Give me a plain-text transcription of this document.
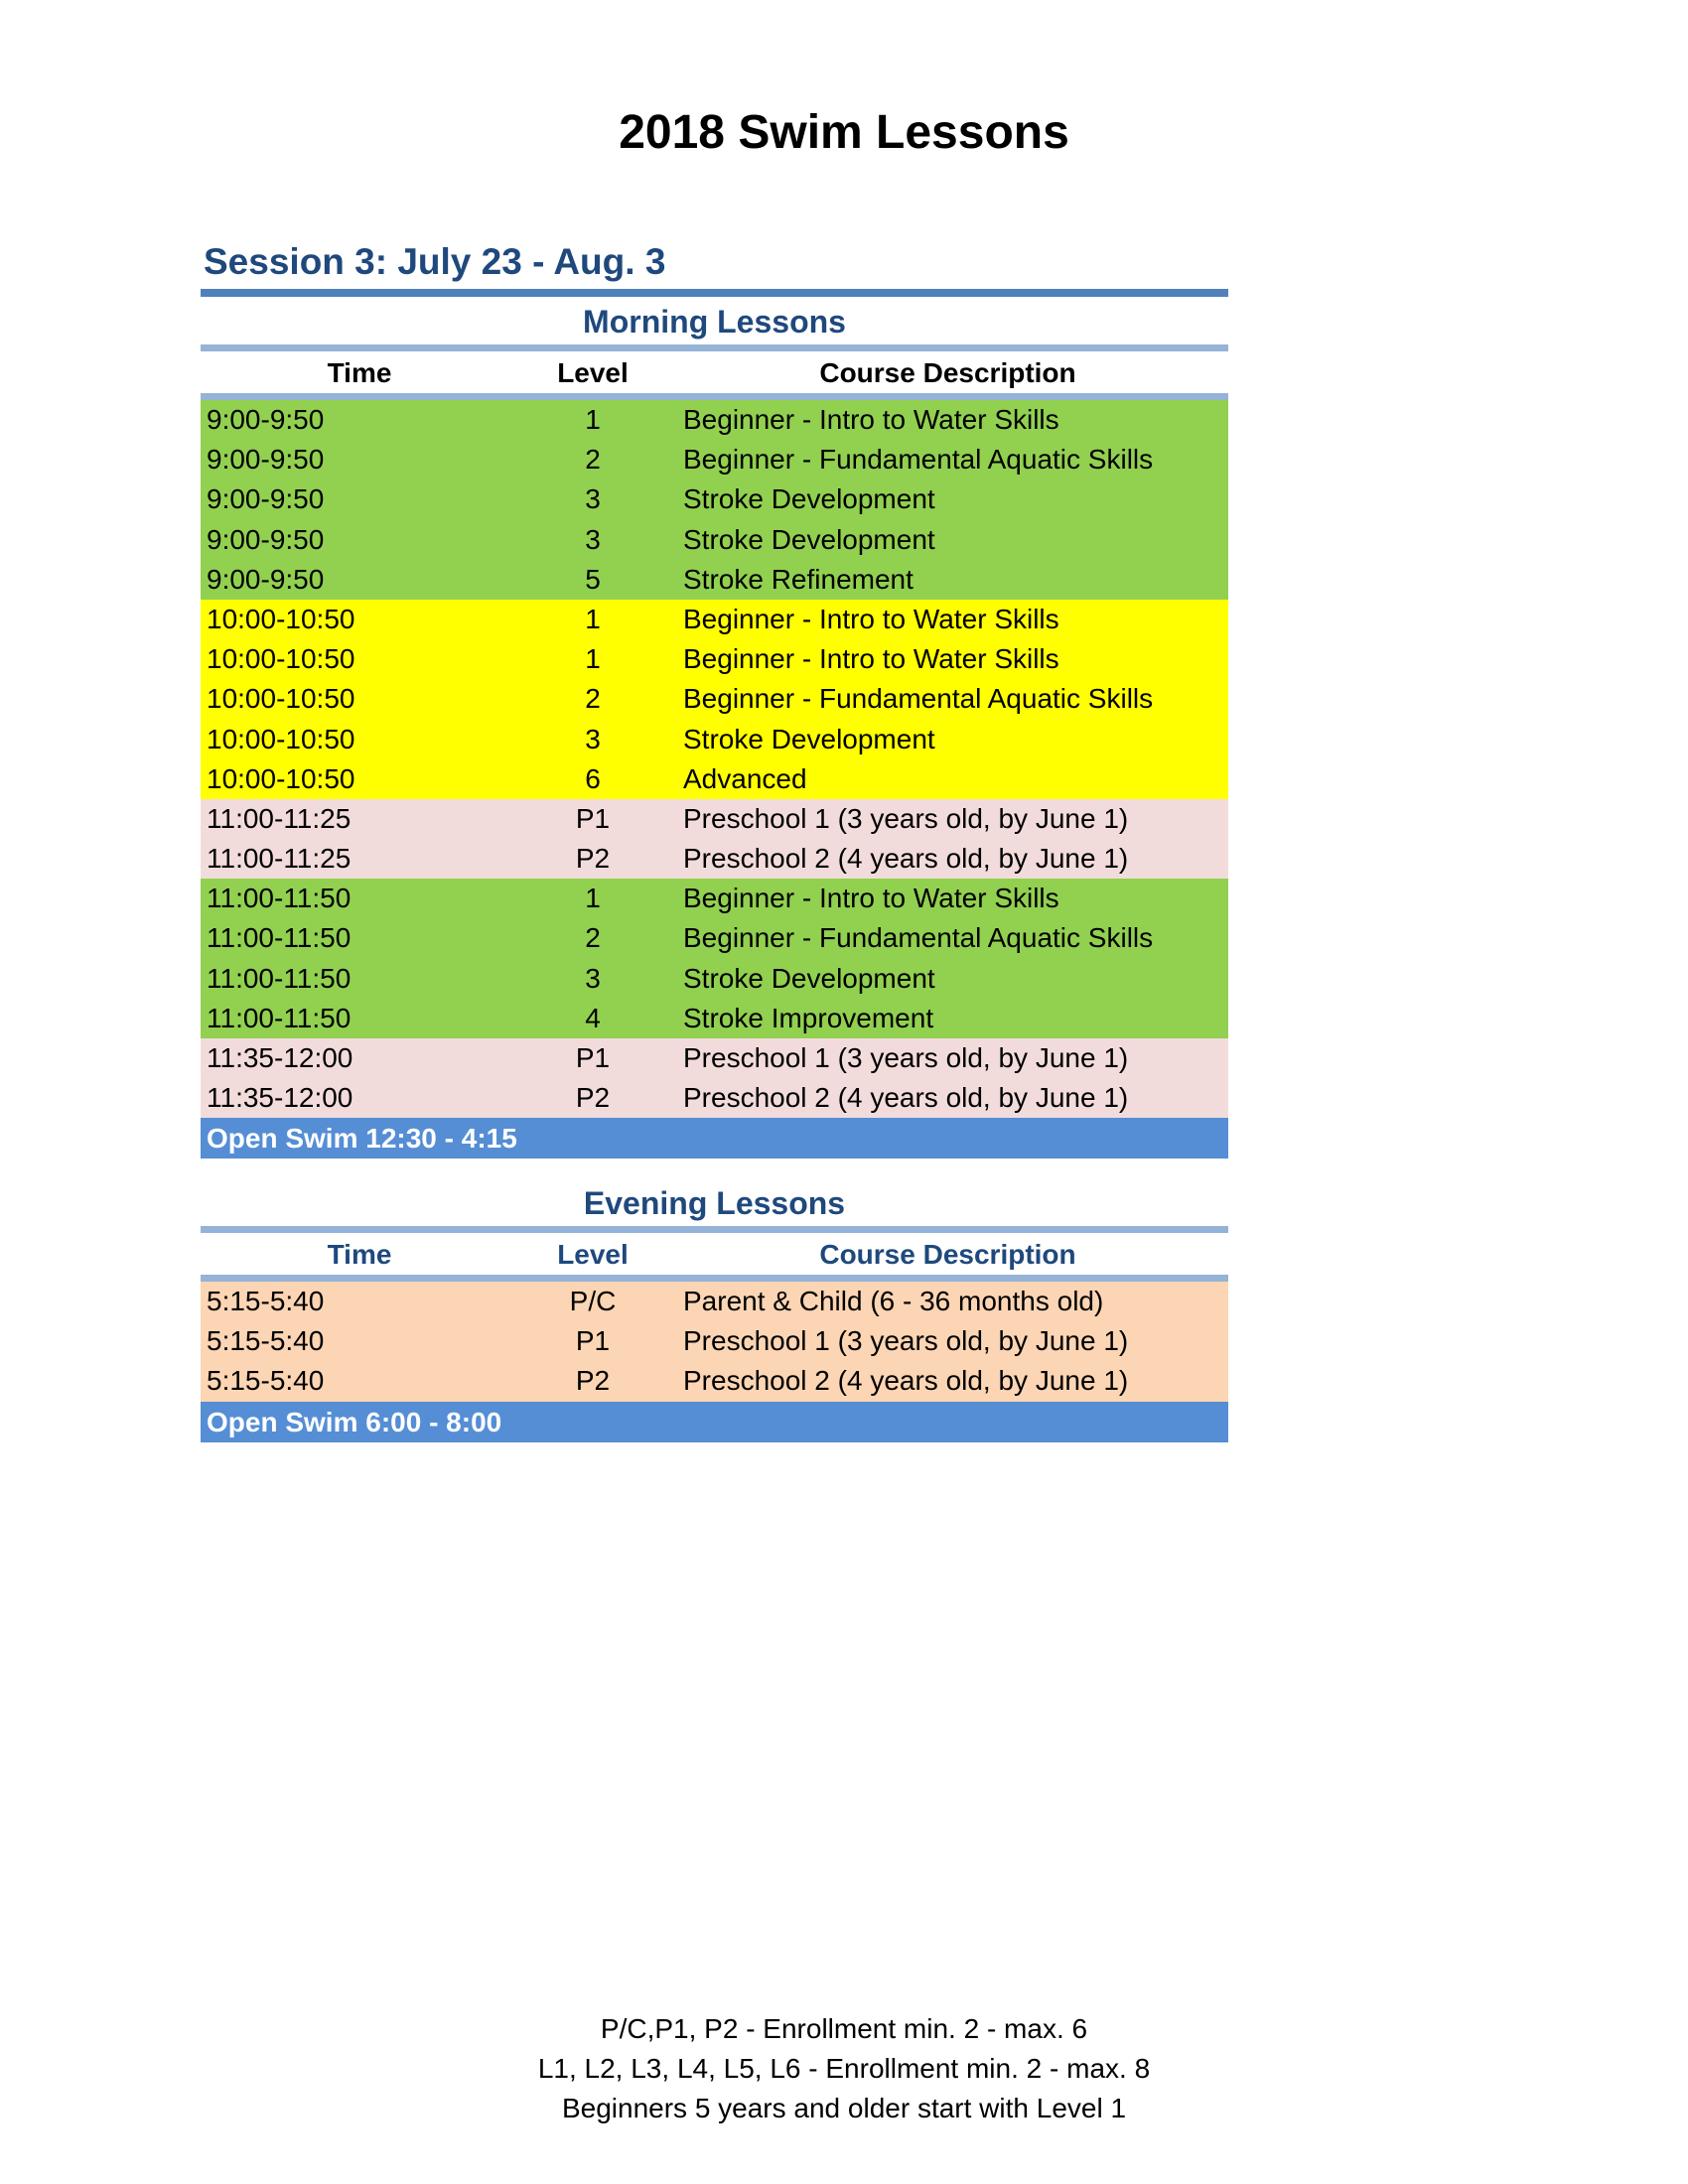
2018 Swim Lessons
Session 3: July 23 - Aug. 3
Morning Lessons
Time	Level	Course Description
9:00-9:50	1	Beginner - Intro to Water Skills
9:00-9:50	2	Beginner - Fundamental Aquatic Skills
9:00-9:50	3	Stroke Development
9:00-9:50	3	Stroke Development
9:00-9:50	5	Stroke Refinement
10:00-10:50	1	Beginner - Intro to Water Skills
10:00-10:50	1	Beginner - Intro to Water Skills
10:00-10:50	2	Beginner - Fundamental Aquatic Skills
10:00-10:50	3	Stroke Development
10:00-10:50	6	Advanced
11:00-11:25	P1	Preschool 1 (3 years old, by June 1)
11:00-11:25	P2	Preschool 2 (4 years old, by June 1)
11:00-11:50	1	Beginner - Intro to Water Skills
11:00-11:50	2	Beginner - Fundamental Aquatic Skills
11:00-11:50	3	Stroke Development
11:00-11:50	4	Stroke Improvement
11:35-12:00	P1	Preschool 1 (3 years old, by June 1)
11:35-12:00	P2	Preschool 2 (4 years old, by June 1)
Open Swim 12:30 - 4:15
Evening Lessons
Time	Level	Course Description
5:15-5:40	P/C	Parent & Child (6 - 36 months old)
5:15-5:40	P1	Preschool 1 (3 years old, by June 1)
5:15-5:40	P2	Preschool 2 (4 years old, by June 1)
Open Swim 6:00 - 8:00
P/C,P1, P2 - Enrollment min. 2 - max. 6
L1, L2, L3, L4, L5, L6 - Enrollment min. 2 - max. 8
Beginners 5 years and older start with Level 1
